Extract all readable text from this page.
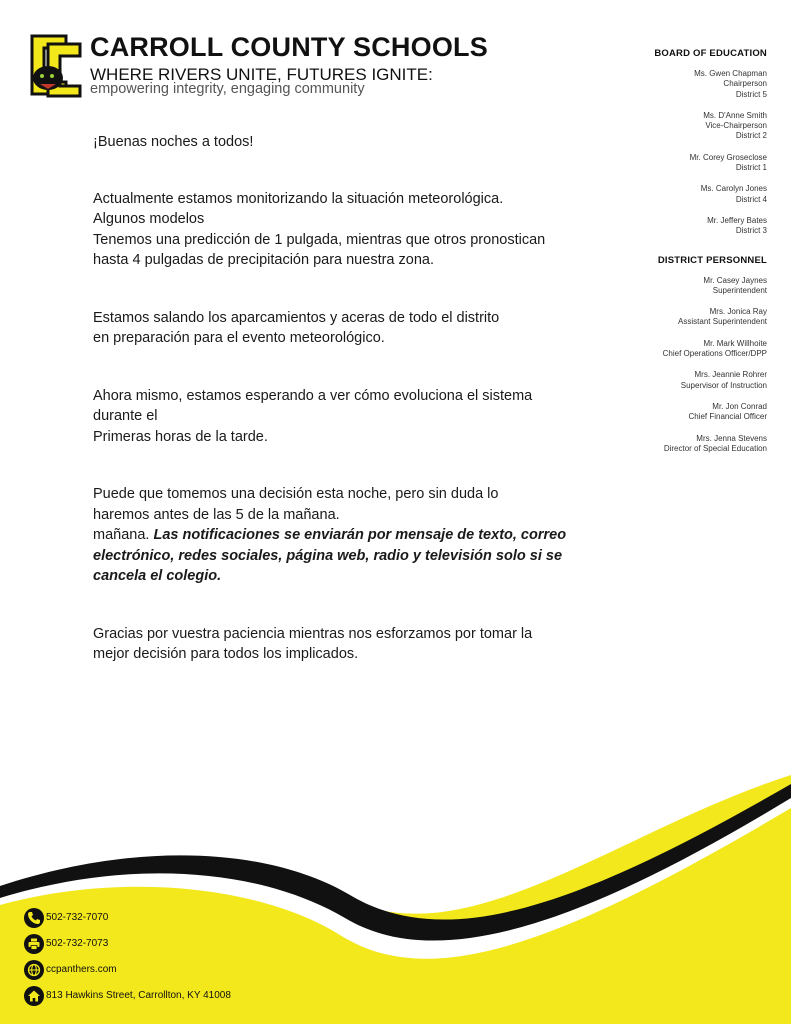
CARROLL COUNTY SCHOOLS
WHERE RIVERS UNITE, FUTURES IGNITE:
empowering integrity, engaging community
BOARD OF EDUCATION
Ms. Gwen Chapman
Chairperson
District 5
Ms. D'Anne Smith
Vice-Chairperson
District 2
Mr. Corey Groseclose
District 1
Ms. Carolyn Jones
District 4
Mr. Jeffery Bates
District 3
DISTRICT PERSONNEL
Mr. Casey Jaynes
Superintendent
Mrs. Jonica Ray
Assistant Superintendent
Mr. Mark Willhoite
Chief Operations Officer/DPP
Mrs. Jeannie Rohrer
Supervisor of Instruction
Mr. Jon Conrad
Chief Financial Officer
Mrs. Jenna Stevens
Director of Special Education

¡Buenas noches a todos!

Actualmente estamos monitorizando la situación meteorológica.
Algunos modelos
Tenemos una predicción de 1 pulgada, mientras que otros pronostican
hasta 4 pulgadas de precipitación para nuestra zona.

Estamos salando los aparcamientos y aceras de todo el distrito
en preparación para el evento meteorológico.

Ahora mismo, estamos esperando a ver cómo evoluciona el sistema
durante el
Primeras horas de la tarde.

Puede que tomemos una decisión esta noche, pero sin duda lo
haremos antes de las 5 de la mañana.
mañana. Las notificaciones se enviarán por mensaje de texto, correo
electrónico, redes sociales, página web, radio y televisión solo si se
cancela el colegio.

Gracias por vuestra paciencia mientras nos esforzamos por tomar la
mejor decisión para todos los implicados.

502-732-7070
502-732-7073
ccpanthers.com
813 Hawkins Street, Carrollton, KY 41008
